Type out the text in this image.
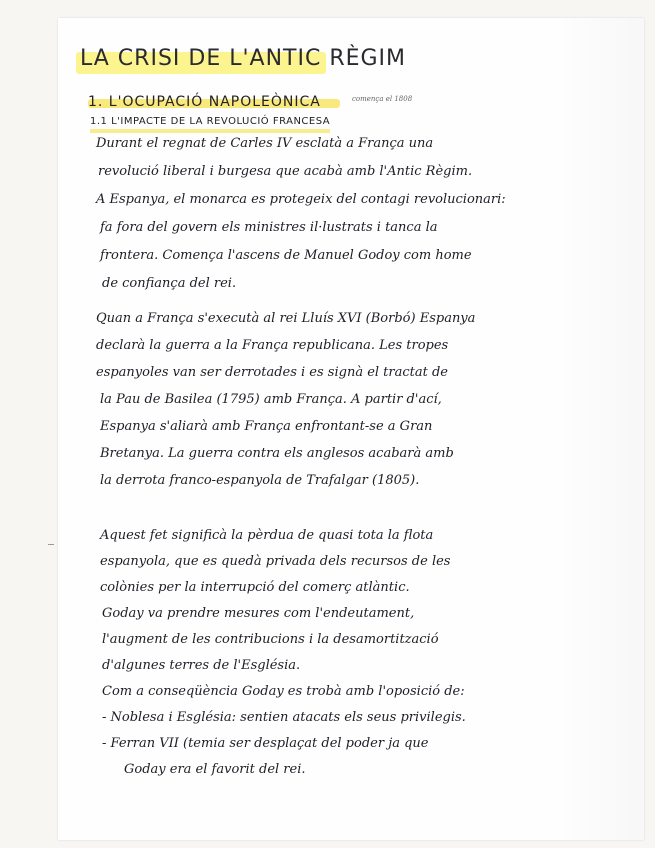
LA CRISI DE L'ANTIC RÈGIM
1. L'OCUPACIÓ NAPOLEÒNICA	comença el 1808
1.1 L'IMPACTE DE LA REVOLUCIÓ FRANCESA
Durant el regnat de Carles IV esclatà a França una
revolució liberal i burgesa que acabà amb l'Antic Règim.
A Espanya, el monarca es protegeix del contagi revolucionari:
fa fora del govern els ministres il·lustrats i tanca la
frontera. Comença l'ascens de Manuel Godoy com home
de confiança del rei.
Quan a França s'executà al rei Lluís XVI (Borbó) Espanya
declarà la guerra a la França republicana. Les tropes
espanyoles van ser derrotades i es signà el tractat de
la Pau de Basilea (1795) amb França. A partir d'ací,
Espanya s'aliarà amb França enfrontant-se a Gran
Bretanya. La guerra contra els anglesos acabarà amb
la derrota franco-espanyola de Trafalgar (1805).
Aquest fet significà la pèrdua de quasi tota la flota
espanyola, que es quedà privada dels recursos de les
colònies per la interrupció del comerç atlàntic.
Goday va prendre mesures com l'endeutament,
l'augment de les contribucions i la desamortització
d'algunes terres de l'Església.
Com a conseqüència Goday es trobà amb l'oposició de:
- Noblesa i Església: sentien atacats els seus privilegis.
- Ferran VII (temia ser desplaçat del poder ja que
Goday era el favorit del rei.
